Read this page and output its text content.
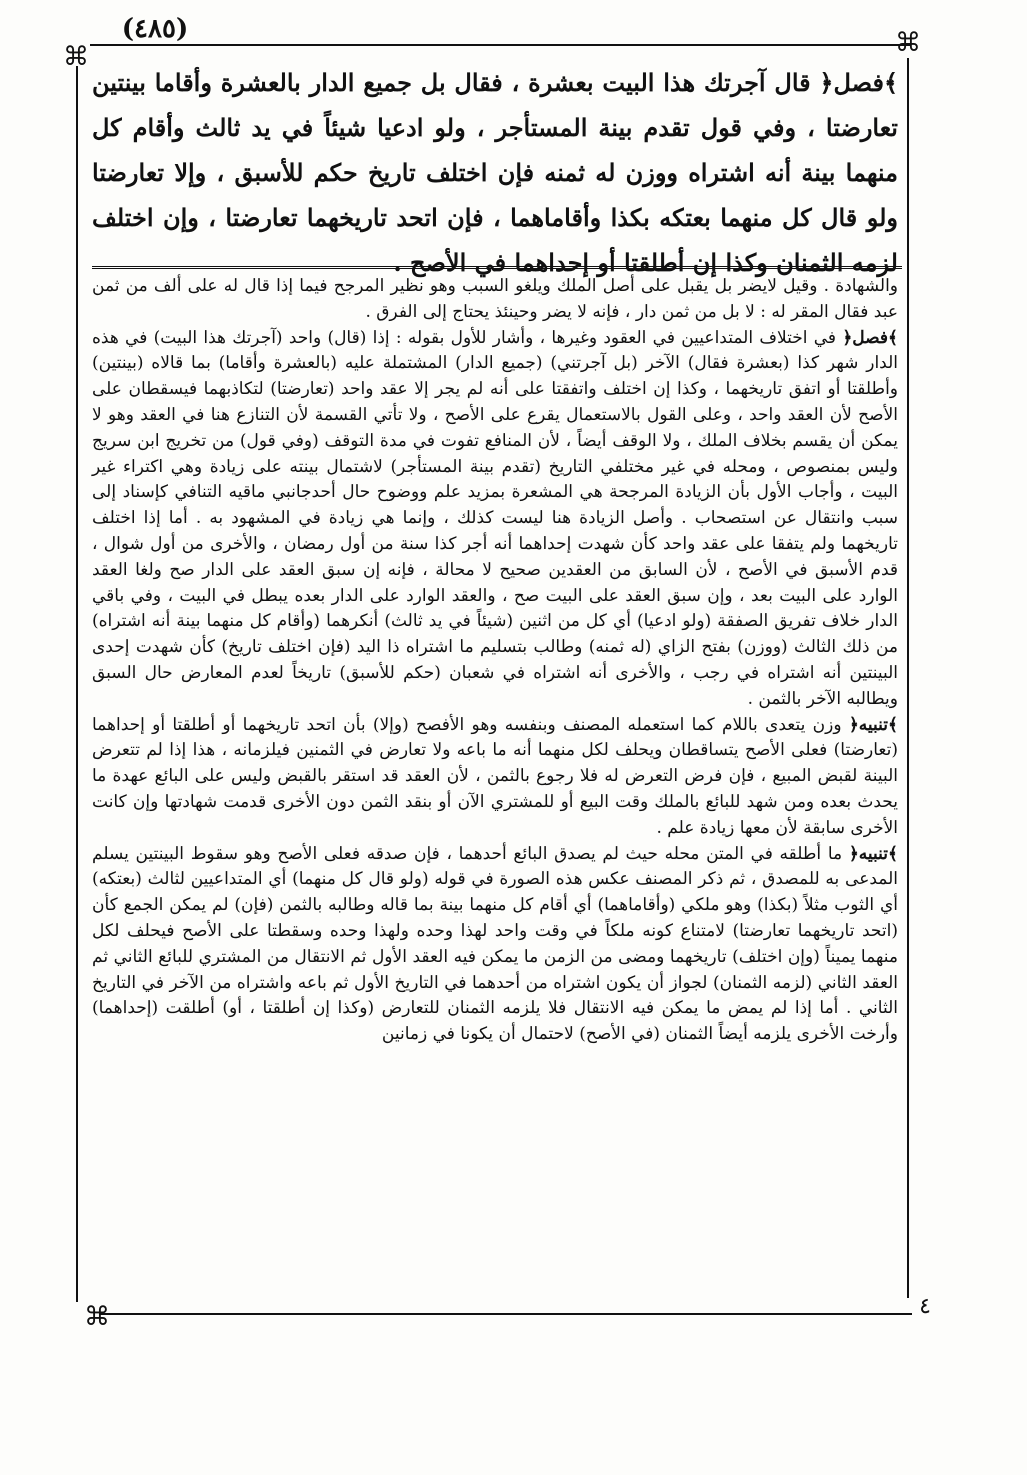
(٤٨٥)
⌘	⌘
⌘
﴾فصل﴿ قال آجرتك هذا البيت بعشرة ، فقال بل جميع الدار بالعشرة وأقاما بينتين تعارضتا ، وفي قول تقدم بينة المستأجر ، ولو ادعيا شيئاً في يد ثالث وأقام كل منهما بينة أنه اشتراه ووزن له ثمنه فإن اختلف تاريخ حكم للأسبق ، وإلا تعارضتا ولو قال كل منهما بعتكه بكذا وأقاماهما ، فإن اتحد تاريخهما تعارضتا ، وإن اختلف لزمه الثمنان وكذا إن أطلقتا أو إحداهما في الأصح .

والشهادة . وقيل لايضر بل يقبل على أصل الملك ويلغو السبب وهو نظير المرجح فيما إذا قال له على ألف من ثمن عبد فقال المقر له : لا بل من ثمن دار ، فإنه لا يضر وحينئذ يحتاج إلى الفرق .

﴾فصل﴿ في اختلاف المتداعيين في العقود وغيرها ، وأشار للأول بقوله : إذا (قال) واحد (آجرتك هذا البيت) في هذه الدار شهر كذا (بعشرة فقال) الآخر (بل آجرتني) (جميع الدار) المشتملة عليه (بالعشرة وأقاما) بما قالاه (بينتين) وأطلقتا أو اتفق تاريخهما ، وكذا إن اختلف واتفقتا على أنه لم يجر إلا عقد واحد (تعارضتا) لتكاذبهما فيسقطان على الأصح لأن العقد واحد ، وعلى القول بالاستعمال يقرع على الأصح ، ولا تأتي القسمة لأن التنازع هنا في العقد وهو لا يمكن أن يقسم بخلاف الملك ، ولا الوقف أيضاً ، لأن المنافع تفوت في مدة التوقف (وفي قول) من تخريج ابن سريج وليس بمنصوص ، ومحله في غير مختلفي التاريخ (تقدم بينة المستأجر) لاشتمال بينته على زيادة وهي اكتراء غير البيت ، وأجاب الأول بأن الزيادة المرجحة هي المشعرة بمزيد علم ووضوح حال أحدجانبي ماقيه التنافي كإسناد إلى سبب وانتقال عن استصحاب . وأصل الزيادة هنا ليست كذلك ، وإنما هي زيادة في المشهود به . أما إذا اختلف تاريخهما ولم يتفقا على عقد واحد كأن شهدت إحداهما أنه أجر كذا سنة من أول رمضان ، والأخرى من أول شوال ، قدم الأسبق في الأصح ، لأن السابق من العقدين صحيح لا محالة ، فإنه إن سبق العقد على الدار صح ولغا العقد الوارد على البيت بعد ، وإن سبق العقد على البيت صح ، والعقد الوارد على الدار بعده يبطل في البيت ، وفي باقي الدار خلاف تفريق الصفقة (ولو ادعيا) أي كل من اثنين (شيئاً في يد ثالث) أنكرهما (وأقام كل منهما بينة أنه اشتراه) من ذلك الثالث (ووزن) بفتح الزاي (له ثمنه) وطالب بتسليم ما اشتراه ذا اليد (فإن اختلف تاريخ) كأن شهدت إحدى البينتين أنه اشتراه في رجب ، والأخرى أنه اشتراه في شعبان (حكم للأسبق) تاريخاً لعدم المعارض حال السبق ويطالبه الآخر بالثمن .

﴾تنبيه﴿ وزن يتعدى باللام كما استعمله المصنف وبنفسه وهو الأفصح (وإلا) بأن اتحد تاريخهما أو أطلقتا أو إحداهما (تعارضتا) فعلى الأصح يتساقطان ويحلف لكل منهما أنه ما باعه ولا تعارض في الثمنين فيلزمانه ، هذا إذا لم تتعرض البينة لقبض المبيع ، فإن فرض التعرض له فلا رجوع بالثمن ، لأن العقد قد استقر بالقبض وليس على البائع عهدة ما يحدث بعده ومن شهد للبائع بالملك وقت البيع أو للمشتري الآن أو بنقد الثمن دون الأخرى قدمت شهادتها وإن كانت الأخرى سابقة لأن معها زيادة علم .

﴾تنبيه﴿ ما أطلقه في المتن محله حيث لم يصدق البائع أحدهما ، فإن صدقه فعلى الأصح وهو سقوط البينتين يسلم المدعى به للمصدق ، ثم ذكر المصنف عكس هذه الصورة في قوله (ولو قال كل منهما) أي المتداعيين لثالث (بعتكه) أي الثوب مثلاً (بكذا) وهو ملكي (وأقاماهما) أي أقام كل منهما بينة بما قاله وطالبه بالثمن (فإن) لم يمكن الجمع كأن (اتحد تاريخهما تعارضتا) لامتناع كونه ملكاً في وقت واحد لهذا وحده ولهذا وحده وسقطتا على الأصح فيحلف لكل منهما يميناً (وإن اختلف) تاريخهما ومضى من الزمن ما يمكن فيه العقد الأول ثم الانتقال من المشتري للبائع الثاني ثم العقد الثاني (لزمه الثمنان) لجواز أن يكون اشتراه من أحدهما في التاريخ الأول ثم باعه واشتراه من الآخر في التاريخ الثاني . أما إذا لم يمض ما يمكن فيه الانتقال فلا يلزمه الثمنان للتعارض (وكذا إن أطلقتا ، أو) أطلقت (إحداهما) وأرخت الأخرى يلزمه أيضاً الثمنان (في الأصح) لاحتمال أن يكونا في زمانين

٤
